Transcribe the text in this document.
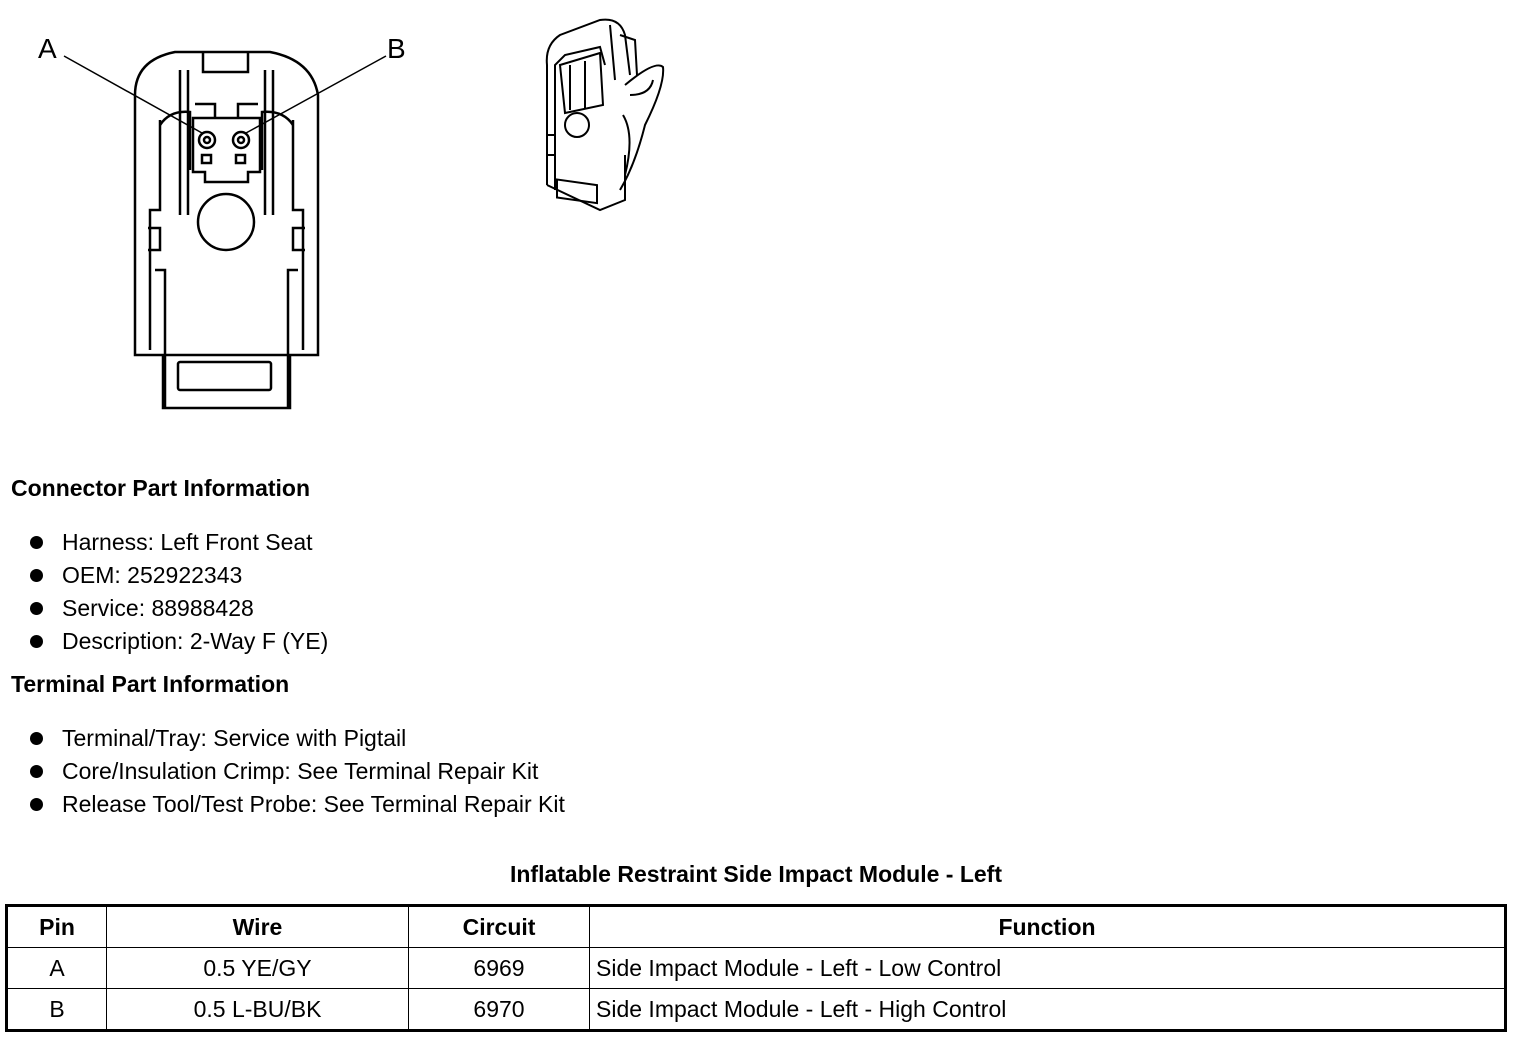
A	B
Connector Part Information
Harness: Left Front Seat
OEM: 252922343
Service: 88988428
Description: 2-Way F (YE)
Terminal Part Information
Terminal/Tray: Service with Pigtail
Core/Insulation Crimp: See Terminal Repair Kit
Release Tool/Test Probe: See Terminal Repair Kit
Inflatable Restraint Side Impact Module - Left
Pin	Wire	Circuit	Function
A	0.5 YE/GY	6969	Side Impact Module - Left - Low Control
B	0.5 L-BU/BK	6970	Side Impact Module - Left - High Control
